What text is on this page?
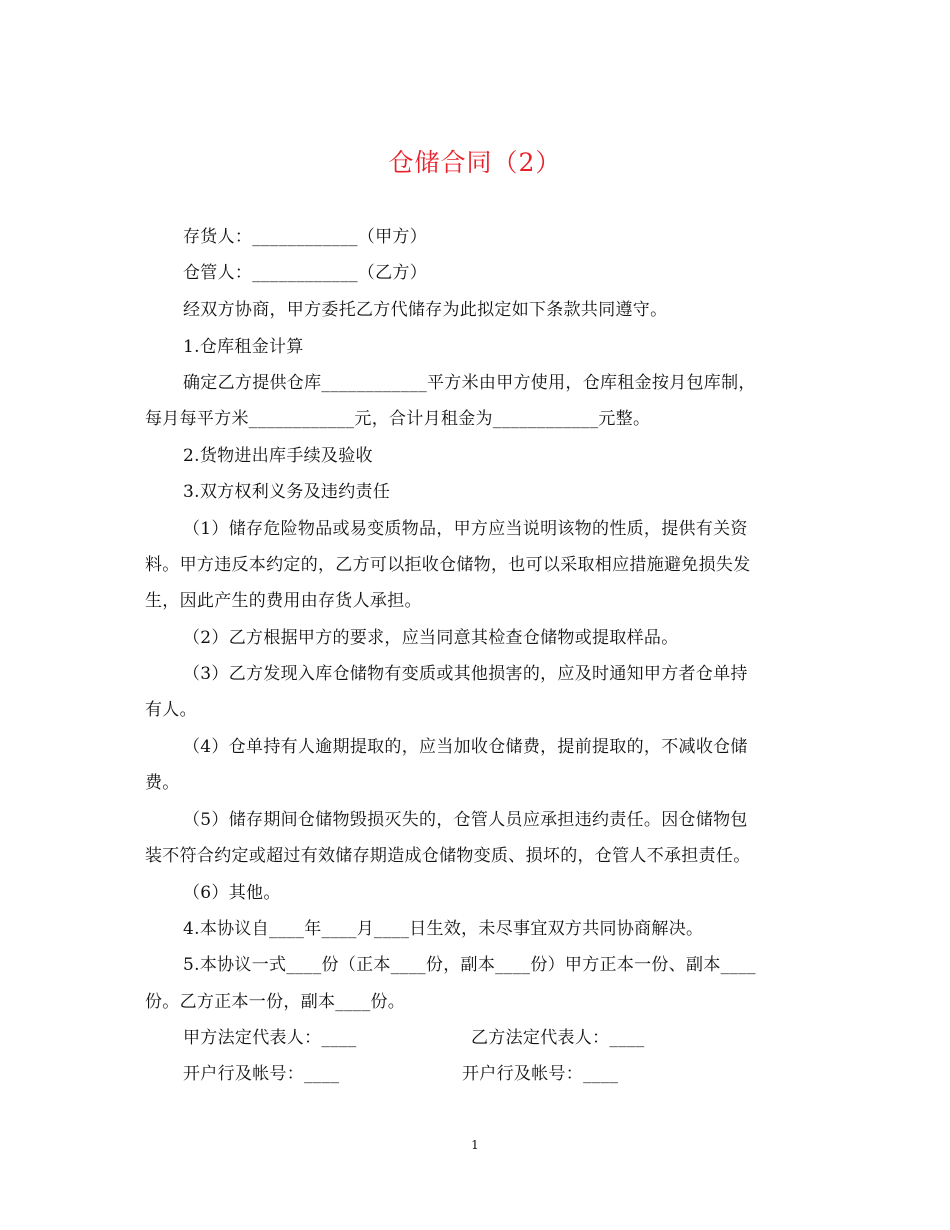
仓储合同（2）
存货人：____________（甲方）
仓管人：____________（乙方）
经双方协商，甲方委托乙方代储存为此拟定如下条款共同遵守。
1.仓库租金计算
确定乙方提供仓库____________平方米由甲方使用，仓库租金按月包库制，
每月每平方米____________元，合计月租金为____________元整。
2.货物进出库手续及验收
3.双方权利义务及违约责任
（1）储存危险物品或易变质物品，甲方应当说明该物的性质，提供有关资
料。甲方违反本约定的，乙方可以拒收仓储物，也可以采取相应措施避免损失发
生，因此产生的费用由存货人承担。
（2）乙方根据甲方的要求，应当同意其检查仓储物或提取样品。
（3）乙方发现入库仓储物有变质或其他损害的，应及时通知甲方者仓单持
有人。
（4）仓单持有人逾期提取的，应当加收仓储费，提前提取的，不减收仓储
费。
（5）储存期间仓储物毁损灭失的，仓管人员应承担违约责任。因仓储物包
装不符合约定或超过有效储存期造成仓储物变质、损坏的，仓管人不承担责任。
（6）其他。
4.本协议自____年____月____日生效，未尽事宜双方共同协商解决。
5.本协议一式____份（正本____份，副本____份）甲方正本一份、副本____
份。乙方正本一份，副本____份。
甲方法定代表人：____	乙方法定代表人：____
开户行及帐号：____	开户行及帐号：____
1
